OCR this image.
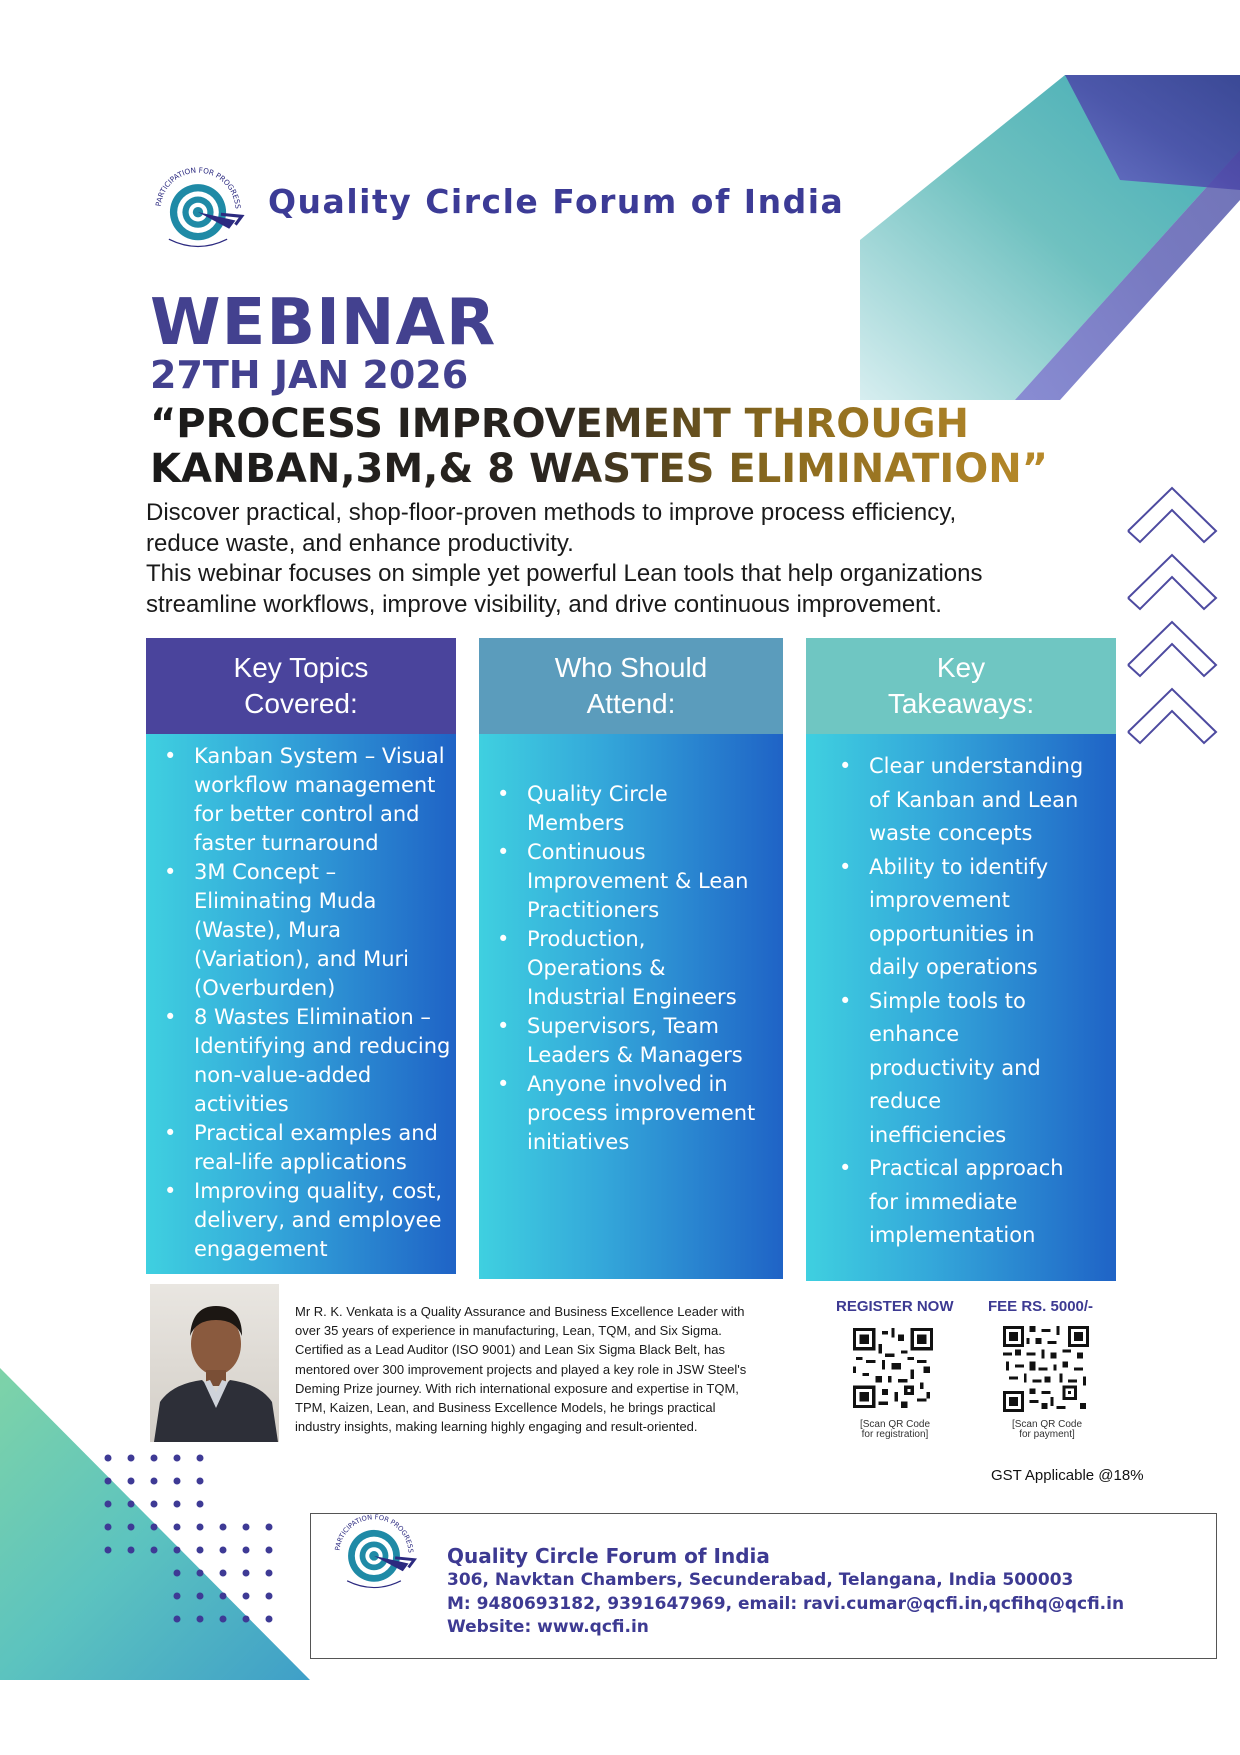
PARTICIPATION FOR PROGRESS Quality Circle Forum of India
WEBINAR
27TH JAN 2026
“PROCESS IMPROVEMENT THROUGH
KANBAN,3M,& 8 WASTES ELIMINATION”

Discover practical, shop-floor-proven methods to improve process efficiency,

reduce waste, and enhance productivity.

This webinar focuses on simple yet powerful Lean tools that help organizations

streamline workflows, improve visibility, and drive continuous improvement.

Key Topics
Covered:
• Kanban System – Visual
workflow management
for better control and
faster turnaround
• 3M Concept –
Eliminating Muda
(Waste), Mura
(Variation), and Muri
(Overburden)
• 8 Wastes Elimination –
Identifying and reducing
non-value-added
activities
• Practical examples and
real-life applications
• Improving quality, cost,
delivery, and employee
engagement
Who Should
Attend:
• Quality Circle
Members
• Continuous
Improvement & Lean
Practitioners
• Production,
Operations &
Industrial Engineers
• Supervisors, Team
Leaders & Managers
• Anyone involved in
process improvement
initiatives
Key
Takeaways:
• Clear understanding
of Kanban and Lean
waste concepts
• Ability to identify
improvement
opportunities in
daily operations
• Simple tools to
enhance
productivity and
reduce
inefficiencies
• Practical approach
for immediate
implementation
Mr R. K. Venkata is a Quality Assurance and Business Excellence Leader with
over 35 years of experience in manufacturing, Lean, TQM, and Six Sigma.
Certified as a Lead Auditor (ISO 9001) and Lean Six Sigma Black Belt, has
mentored over 300 improvement projects and played a key role in JSW Steel's
Deming Prize journey. With rich international exposure and expertise in TQM,
TPM, Kaizen, Lean, and Business Excellence Models, he brings practical
industry insights, making learning highly engaging and result-oriented.
REGISTER NOW FEE RS. 5000/-
[Scan QR Code
for registration]
[Scan QR Code
for payment]
GST Applicable @18%
PARTICIPATION FOR PROGRESS Quality Circle Forum of India
306, Navktan Chambers, Secunderabad, Telangana, India 500003
M: 9480693182, 9391647969, email: ravi.cumar@qcfi.in,qcfihq@qcfi.in
Website: www.qcfi.in
